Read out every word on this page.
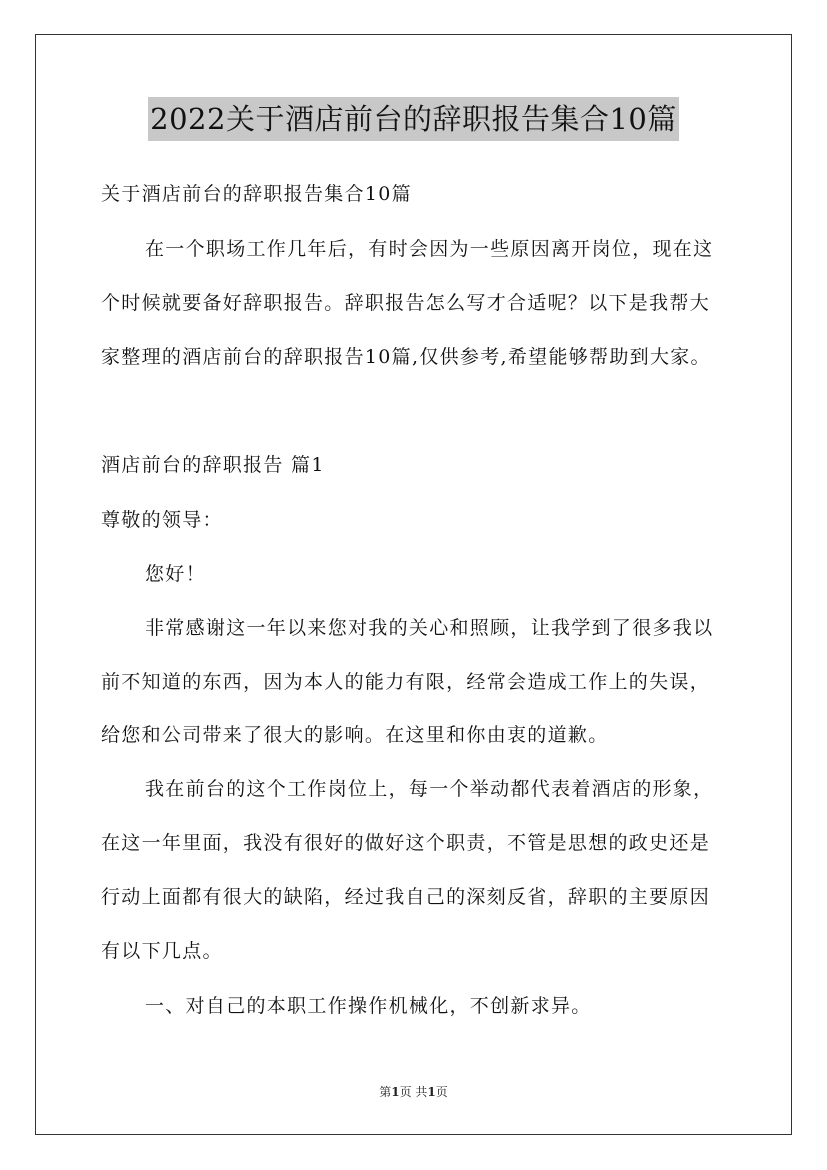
2022关于酒店前台的辞职报告集合10篇
关于酒店前台的辞职报告集合10篇
在一个职场工作几年后，有时会因为一些原因离开岗位，现在这
个时候就要备好辞职报告。辞职报告怎么写才合适呢？以下是我帮大
家整理的酒店前台的辞职报告10篇,仅供参考,希望能够帮助到大家。
酒店前台的辞职报告 篇1
尊敬的领导：
您好！
非常感谢这一年以来您对我的关心和照顾，让我学到了很多我以
前不知道的东西，因为本人的能力有限，经常会造成工作上的失误，
给您和公司带来了很大的影响。在这里和你由衷的道歉。
我在前台的这个工作岗位上，每一个举动都代表着酒店的形象，
在这一年里面，我没有很好的做好这个职责，不管是思想的政史还是
行动上面都有很大的缺陷，经过我自己的深刻反省，辞职的主要原因
有以下几点。
一、对自己的本职工作操作机械化，不创新求异。
第1页 共1页
